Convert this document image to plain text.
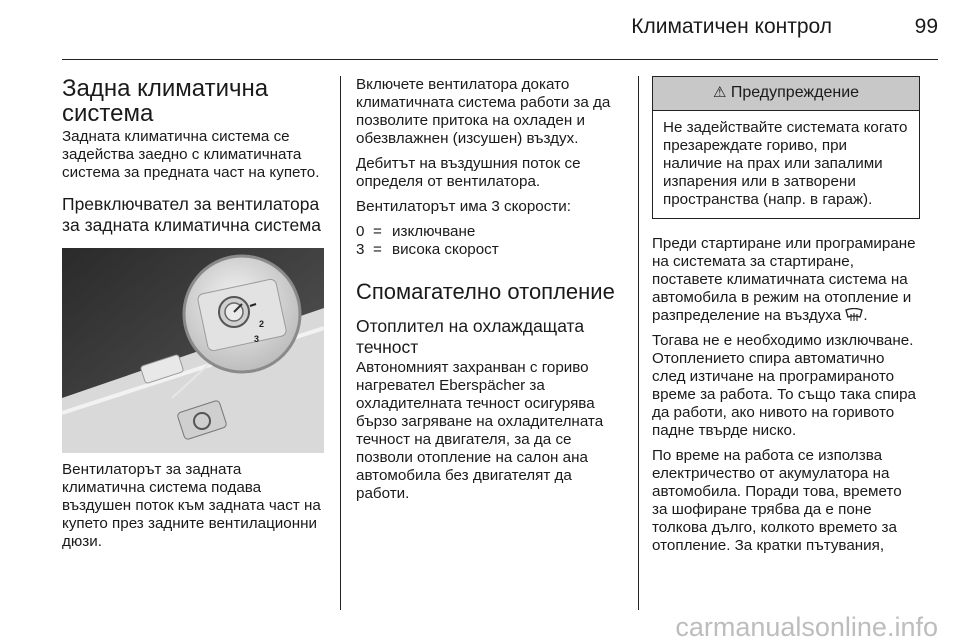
Климатичен контрол	99
Задна климатична система

Задната климатична система се задейства заедно с климатичната система за предната част на купето.

Превключвател за вентилатора за задната климатична система
2
3

Вентилаторът за задната климатична система подава въздушен поток към задната част на купето през задните вентилационни дюзи.

Включете вентилатора докато климатичната система работи за да позволите притока на охладен и обезвлажнен (изсушен) въздух.

Дебитът на въздушния поток се определя от вентилатора.

Вентилаторът има 3 скорости:

0 = изключване
3 = висока скорост
Спомагателно отопление
Отоплител на охлаждащата течност

Автономният захранван с гориво нагревател Eberspächer за охладителната течност осигурява бързо загряване на охладителната течност на двигателя, за да се позволи отопление на салон ана автомобила без двигателят да работи.

⚠ Предупреждение
Не задействайте системата когато презареждате гориво, при наличие на прах или запалими изпарения или в затворени пространства (напр. в гараж).

Преди стартиране или програмиране на системата за стартиране, поставете климатичната система на автомобила в режим на отопление и разпределение на въздуха .

Тогава не е необходимо изключване. Отоплението спира автоматично след изтичане на програмираното време за работа. То също така спира да работи, ако нивото на горивото падне твърде ниско.

По време на работа се използва електричество от акумулатора на автомобила. Поради това, времето за шофиране трябва да е поне толкова дълго, колкото времето за отопление. За кратки пътувания,

carmanualsonline.info
